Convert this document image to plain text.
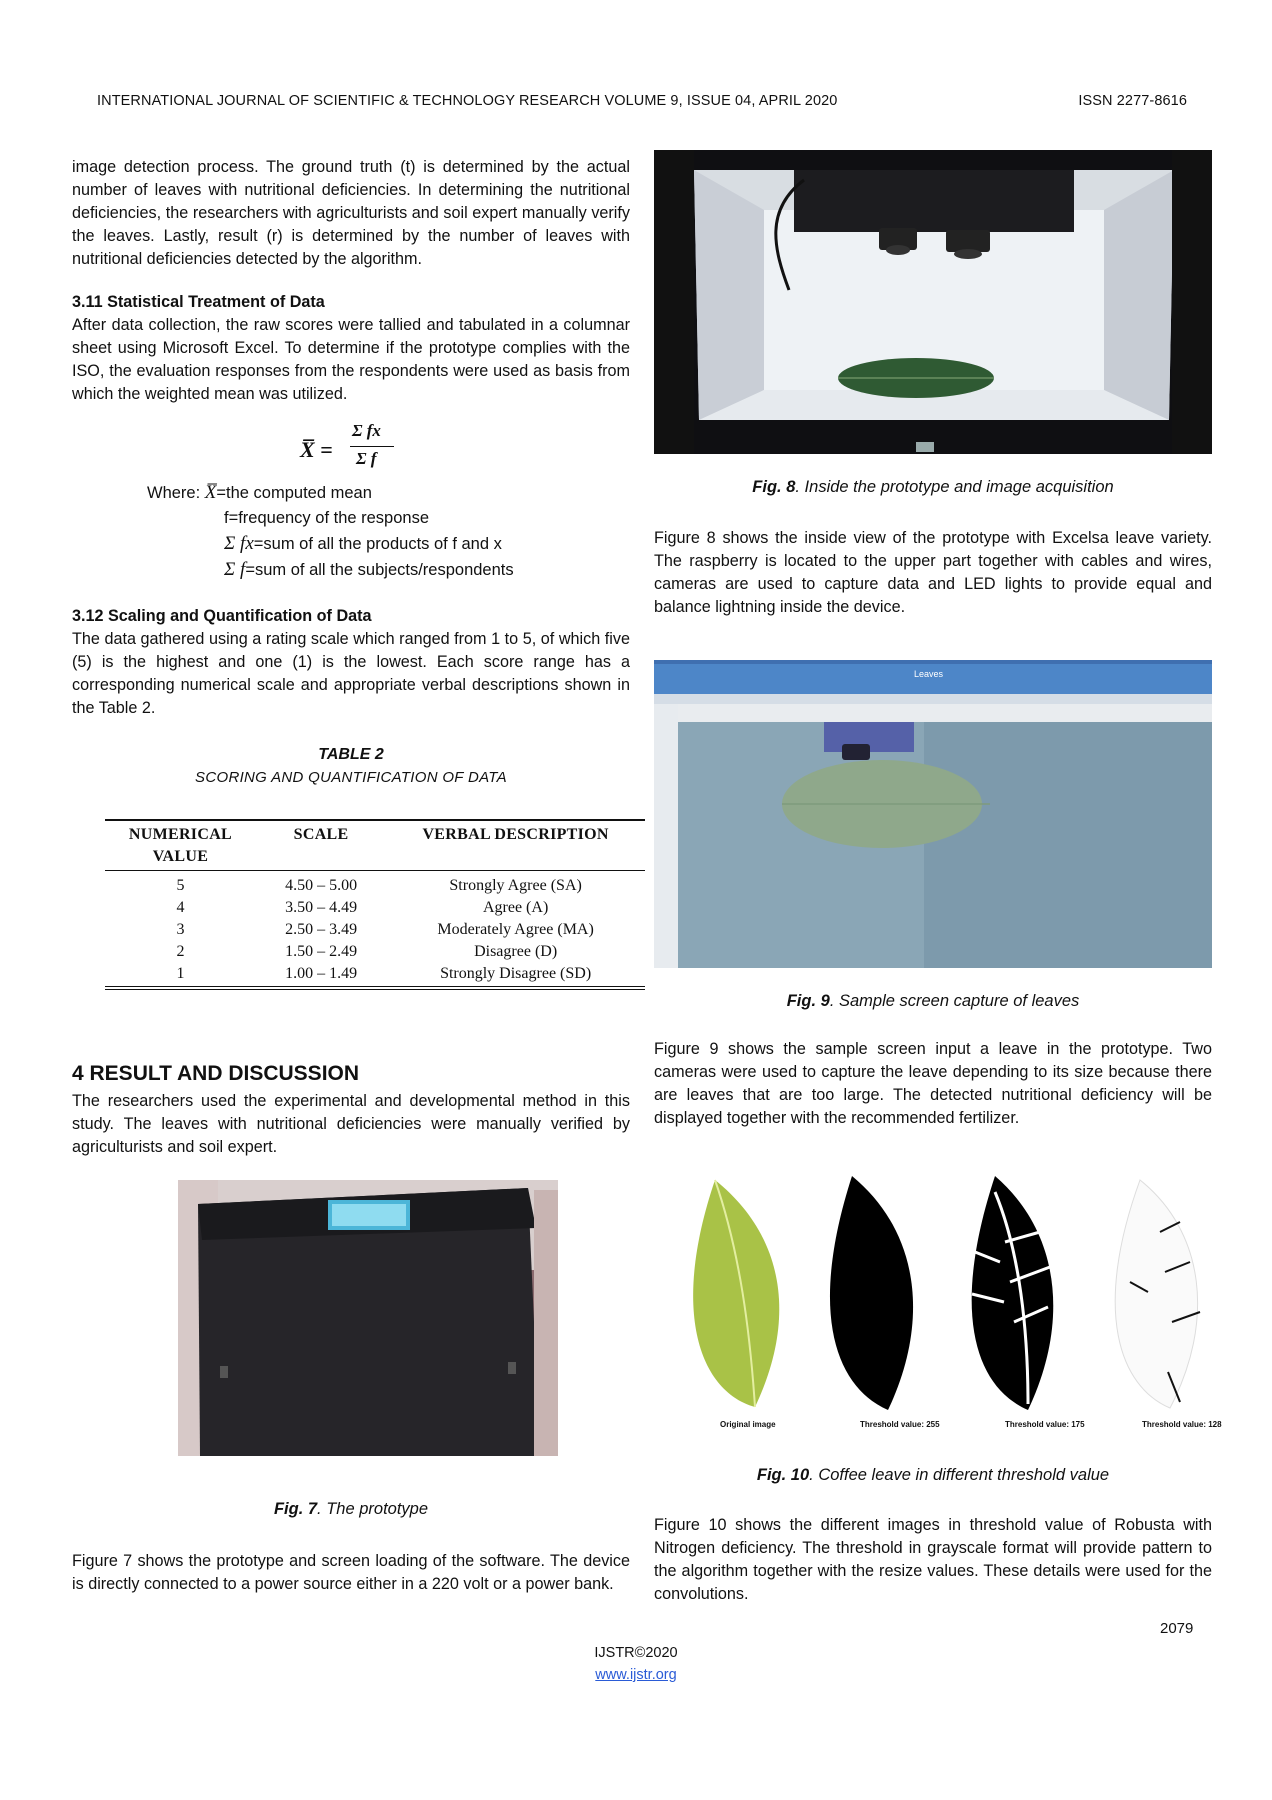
INTERNATIONAL JOURNAL OF SCIENTIFIC & TECHNOLOGY RESEARCH VOLUME 9, ISSUE 04, APRIL 2020	ISSN 2277-8616

image detection process. The ground truth (t) is determined by the actual number of leaves with nutritional deficiencies. In determining the nutritional deficiencies, the researchers with agriculturists and soil expert manually verify the leaves. Lastly, result (r) is determined by the number of leaves with nutritional deficiencies detected by the algorithm.

3.11 Statistical Treatment of Data

After data collection, the raw scores were tallied and tabulated in a columnar sheet using Microsoft Excel. To determine if the prototype complies with the ISO, the evaluation responses from the respondents were used as basis from which the weighted mean was utilized.

X̅ =
Σ fx
Σ f
Where: X̅=the computed mean
f=frequency of the response
Σ fx=sum of all the products of f and x
Σ f=sum of all the subjects/respondents
3.12 Scaling and Quantification of Data

The data gathered using a rating scale which ranged from 1 to 5, of which five (5) is the highest and one (1) is the lowest. Each score range has a corresponding numerical scale and appropriate verbal descriptions shown in the Table 2.

TABLE 2
SCORING AND QUANTIFICATION OF DATA
NUMERICAL VALUE	SCALE	VERBAL DESCRIPTION
5	4.50 – 5.00	Strongly Agree (SA)
4	3.50 – 4.49	Agree (A)
3	2.50 – 3.49	Moderately Agree (MA)
2	1.50 – 2.49	Disagree (D)
1	1.00 – 1.49	Strongly Disagree (SD)
4 RESULT AND DISCUSSION

The researchers used the experimental and developmental method in this study. The leaves with nutritional deficiencies were manually verified by agriculturists and soil expert.

Fig. 7. The prototype

Figure 7 shows the prototype and screen loading of the software. The device is directly connected to a power source either in a 220 volt or a power bank.

Fig. 8. Inside the prototype and image acquisition

Figure 8 shows the inside view of the prototype with Excelsa leave variety. The raspberry is located to the upper part together with cables and wires, cameras are used to capture data and LED lights to provide equal and balance lightning inside the device.

Leaves
Fig. 9. Sample screen capture of leaves

Figure 9 shows the sample screen input a leave in the prototype. Two cameras were used to capture the leave depending to its size because there are leaves that are too large. The detected nutritional deficiency will be displayed together with the recommended fertilizer.

Original image	Threshold value: 255	Threshold value: 175	Threshold value: 128
Fig. 10. Coffee leave in different threshold value

Figure 10 shows the different images in threshold value of Robusta with Nitrogen deficiency. The threshold in grayscale format will provide pattern to the algorithm together with the resize values. These details were used for the convolutions.

2079
IJSTR©2020
www.ijstr.org
